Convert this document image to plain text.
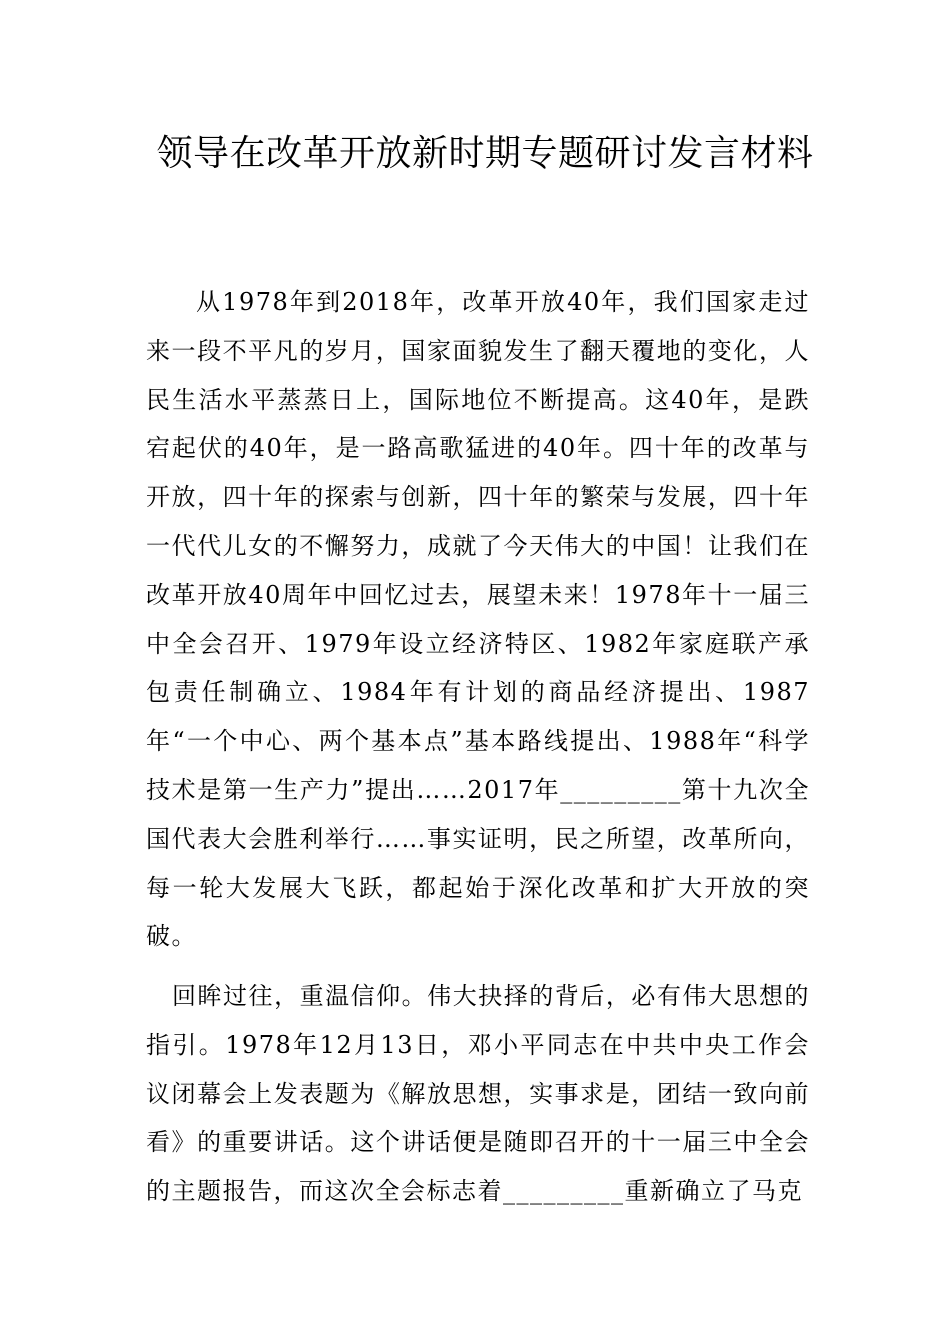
领导在改革开放新时期专题研讨发言材料

从1978年到2018年，改革开放40年，我们国家走过来一段不平凡的岁月，国家面貌发生了翻天覆地的变化，人民生活水平蒸蒸日上，国际地位不断提高。这40年，是跌宕起伏的40年，是一路高歌猛进的40年。四十年的改革与开放，四十年的探索与创新，四十年的繁荣与发展，四十年一代代儿女的不懈努力，成就了今天伟大的中国！让我们在改革开放40周年中回忆过去，展望未来！1978年十一届三中全会召开、1979年设立经济特区、1982年家庭联产承包责任制确立、1984年有计划的商品经济提出、1987年“一个中心、两个基本点”基本路线提出、1988年“科学技术是第一生产力”提出……2017年_________第十九次全国代表大会胜利举行……事实证明，民之所望，改革所向，每一轮大发展大飞跃，都起始于深化改革和扩大开放的突破。

回眸过往，重温信仰。伟大抉择的背后，必有伟大思想的指引。1978年12月13日，邓小平同志在中共中央工作会议闭幕会上发表题为《解放思想，实事求是，团结一致向前看》的重要讲话。这个讲话便是随即召开的十一届三中全会的主题报告，而这次全会标志着_________重新确立了马克
